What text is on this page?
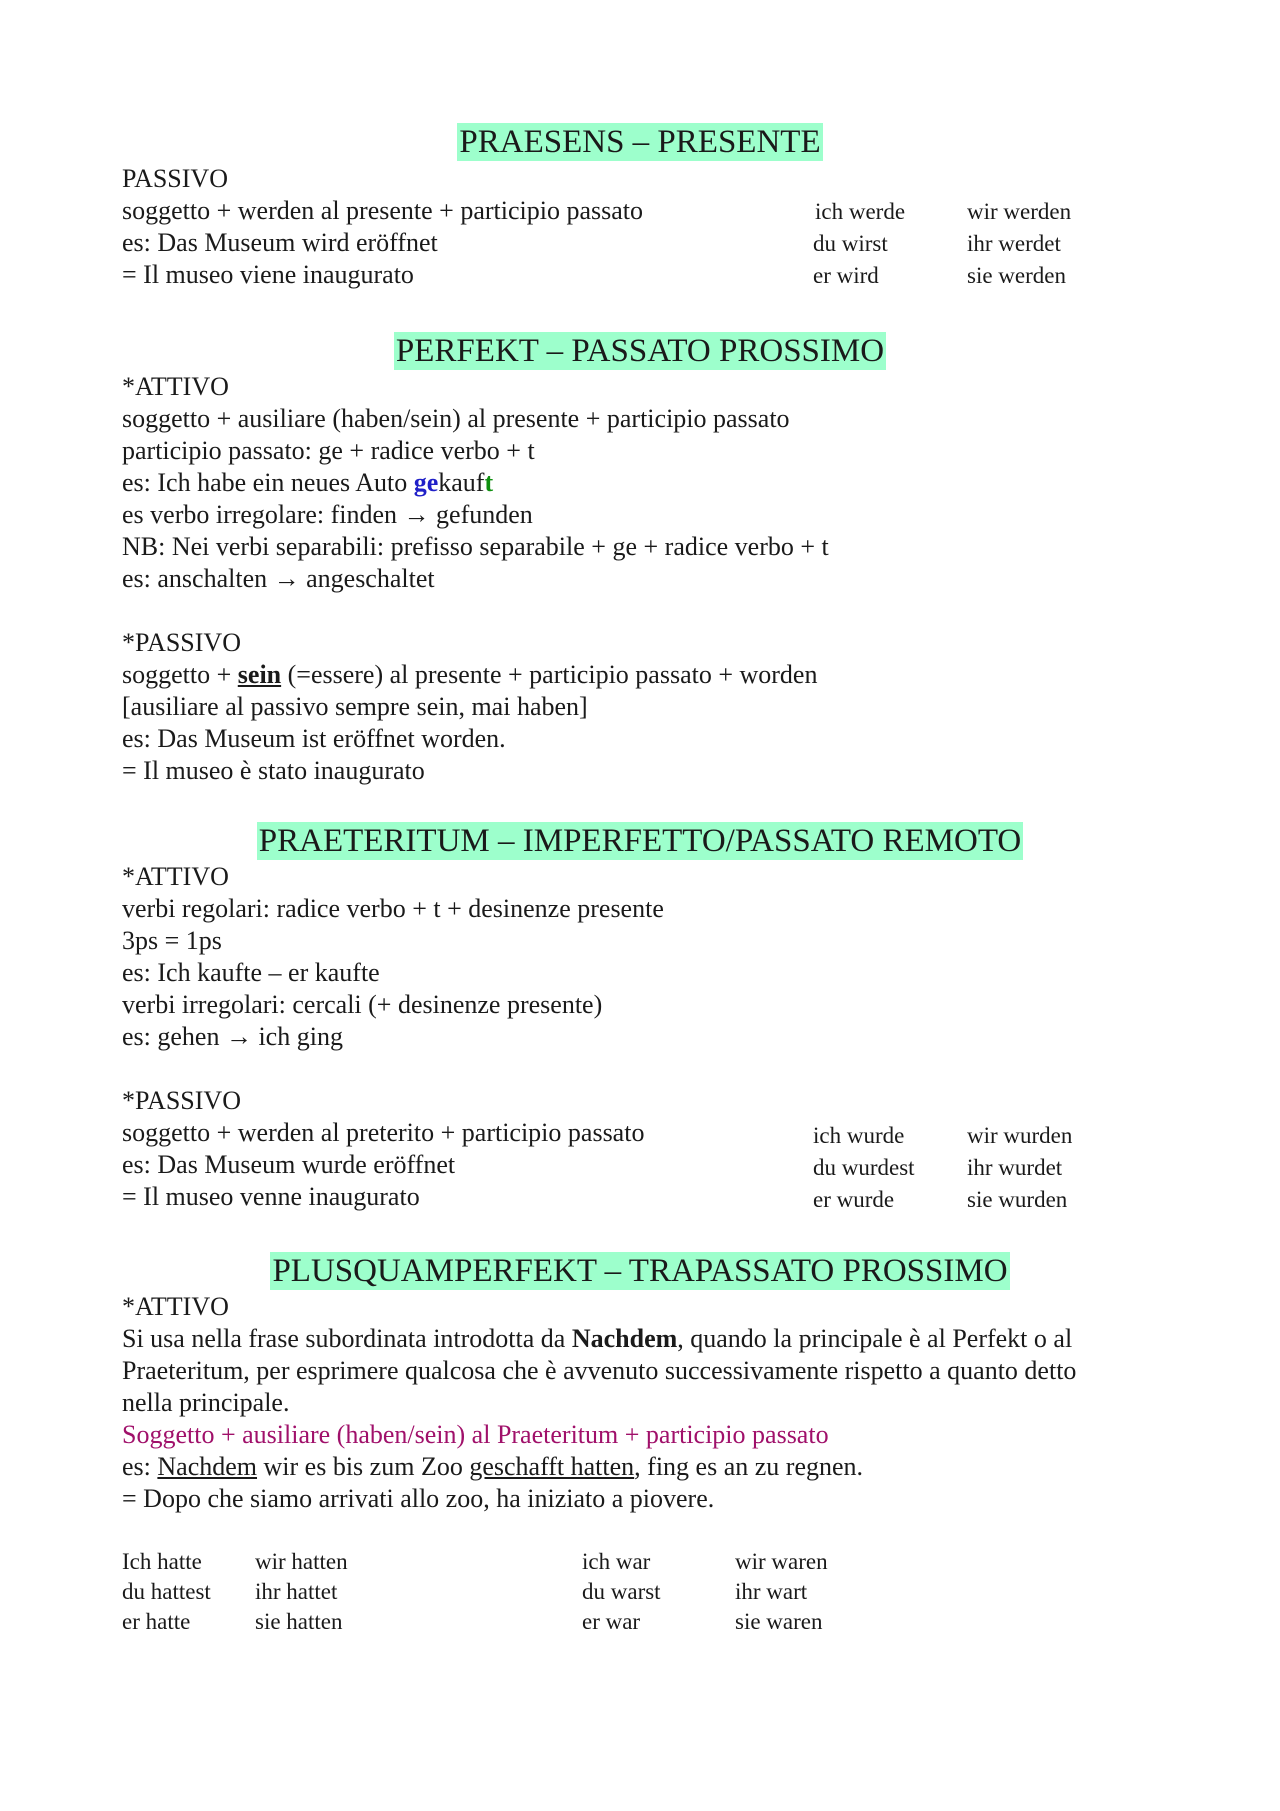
PRAESENS – PRESENTE
PASSIVO
soggetto + werden al presente + participio passato
es: Das Museum wird eröffnet
= Il museo viene inaugurato
ich werde	wir werden
du wirst	ihr werdet
er wird	sie werden
PERFEKT – PASSATO PROSSIMO
*ATTIVO
soggetto + ausiliare (haben/sein) al presente + participio passato
participio passato: ge + radice verbo + t
es: Ich habe ein neues Auto gekauft
es verbo irregolare: finden → gefunden
NB: Nei verbi separabili: prefisso separabile + ge + radice verbo + t
es: anschalten → angeschaltet
*PASSIVO
soggetto + sein (=essere) al presente + participio passato + worden
[ausiliare al passivo sempre sein, mai haben]
es: Das Museum ist eröffnet worden.
= Il museo è stato inaugurato
PRAETERITUM – IMPERFETTO/PASSATO REMOTO
*ATTIVO
verbi regolari: radice verbo + t + desinenze presente
3ps = 1ps
es: Ich kaufte – er kaufte
verbi irregolari: cercali (+ desinenze presente)
es: gehen → ich ging
*PASSIVO
soggetto + werden al preterito + participio passato
es: Das Museum wurde eröffnet
= Il museo venne inaugurato
ich wurde	wir wurden
du wurdest ihr wurdet
er wurde	sie wurden
PLUSQUAMPERFEKT – TRAPASSATO PROSSIMO
*ATTIVO
Si usa nella frase subordinata introdotta da Nachdem, quando la principale è al Perfekt o al
Praeteritum, per esprimere qualcosa che è avvenuto successivamente rispetto a quanto detto
nella principale.
Soggetto + ausiliare (haben/sein) al Praeteritum + participio passato
es: Nachdem wir es bis zum Zoo geschafft hatten, fing es an zu regnen.
= Dopo che siamo arrivati allo zoo, ha iniziato a piovere.
Ich hatte wir hatten
du hattest ihr hattet
er hatte	sie hatten
ich war	wir waren
du warst	ihr wart
er war	sie waren
